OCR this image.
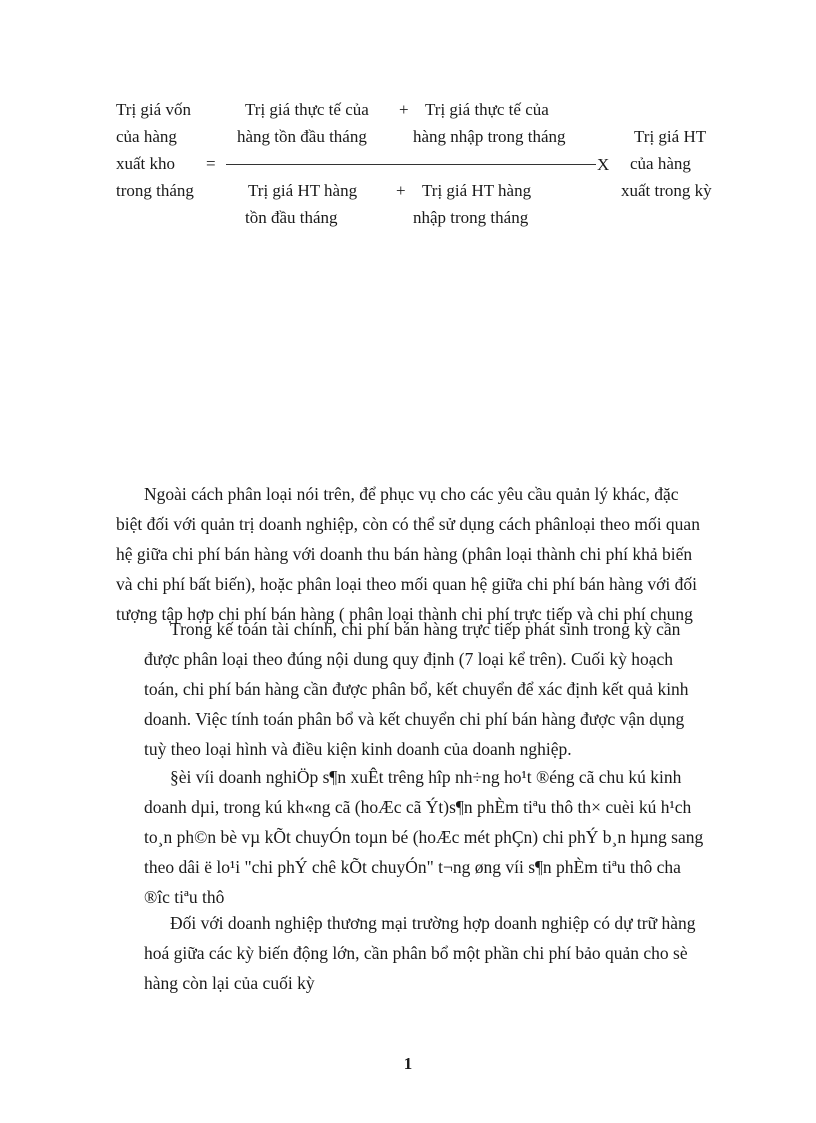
Trị giá vốn
của hàng
xuất kho
trong tháng
=
Trị giá thực tế của
hàng tồn đầu tháng
+ Trị giá thực tế của
hàng nhập trong tháng
X
Trị giá HT hàng
tồn đầu tháng
+ Trị giá HT hàng
nhập trong tháng
Trị giá HT
của hàng
xuất trong kỳ
Ngoài cách phân loại nói trên, để phục vụ cho các yêu cầu quản lý khác, đặc
biệt đối với quản trị doanh nghiệp, còn có thể sử dụng cách phânloại theo mối quan
hệ giữa chi phí bán hàng với doanh thu bán hàng (phân loại thành chi phí khả biến
và chi phí bất biến), hoặc phân loại theo mối quan hệ giữa chi phí bán hàng với đối
tượng tập hợp chi phí bán hàng ( phân loại thành chi phí trực tiếp và chi phí chung
Trong kế toán tài chính, chi phí bán hàng trực tiếp phát sinh trong kỳ cần
được phân loại theo đúng nội dung quy định (7 loại kể trên). Cuối kỳ hoạch
toán, chi phí bán hàng cần được phân bổ, kết chuyển để xác định kết quả kinh
doanh. Việc tính toán phân bổ và kết chuyển chi phí bán hàng được vận dụng
tuỳ theo loại hình và điều kiện kinh doanh của doanh nghiệp.
§èi víi doanh nghiÖp s¶n xuÊt trêng hîp nh÷ng ho¹t ®éng cã chu kú kinh
doanh dµi, trong kú kh«ng cã (hoÆc cã Ýt)s¶n phÈm tiªu thô th× cuèi kú h¹ch
to¸n ph©n bè vµ kÕt chuyÓn toµn bé (hoÆc mét phÇn) chi phÝ b¸n hµng sang
theo dâi ë lo¹i "chi phÝ chê kÕt chuyÓn" t¬ng øng víi s¶n phÈm tiªu thô cha
®îc tiªu thô
Đối với doanh nghiệp thương mại trường hợp doanh nghiệp có dự trữ hàng
hoá giữa các kỳ biến động lớn, cần phân bổ một phần chi phí bảo quản cho sè
hàng còn lại của cuối kỳ
1
